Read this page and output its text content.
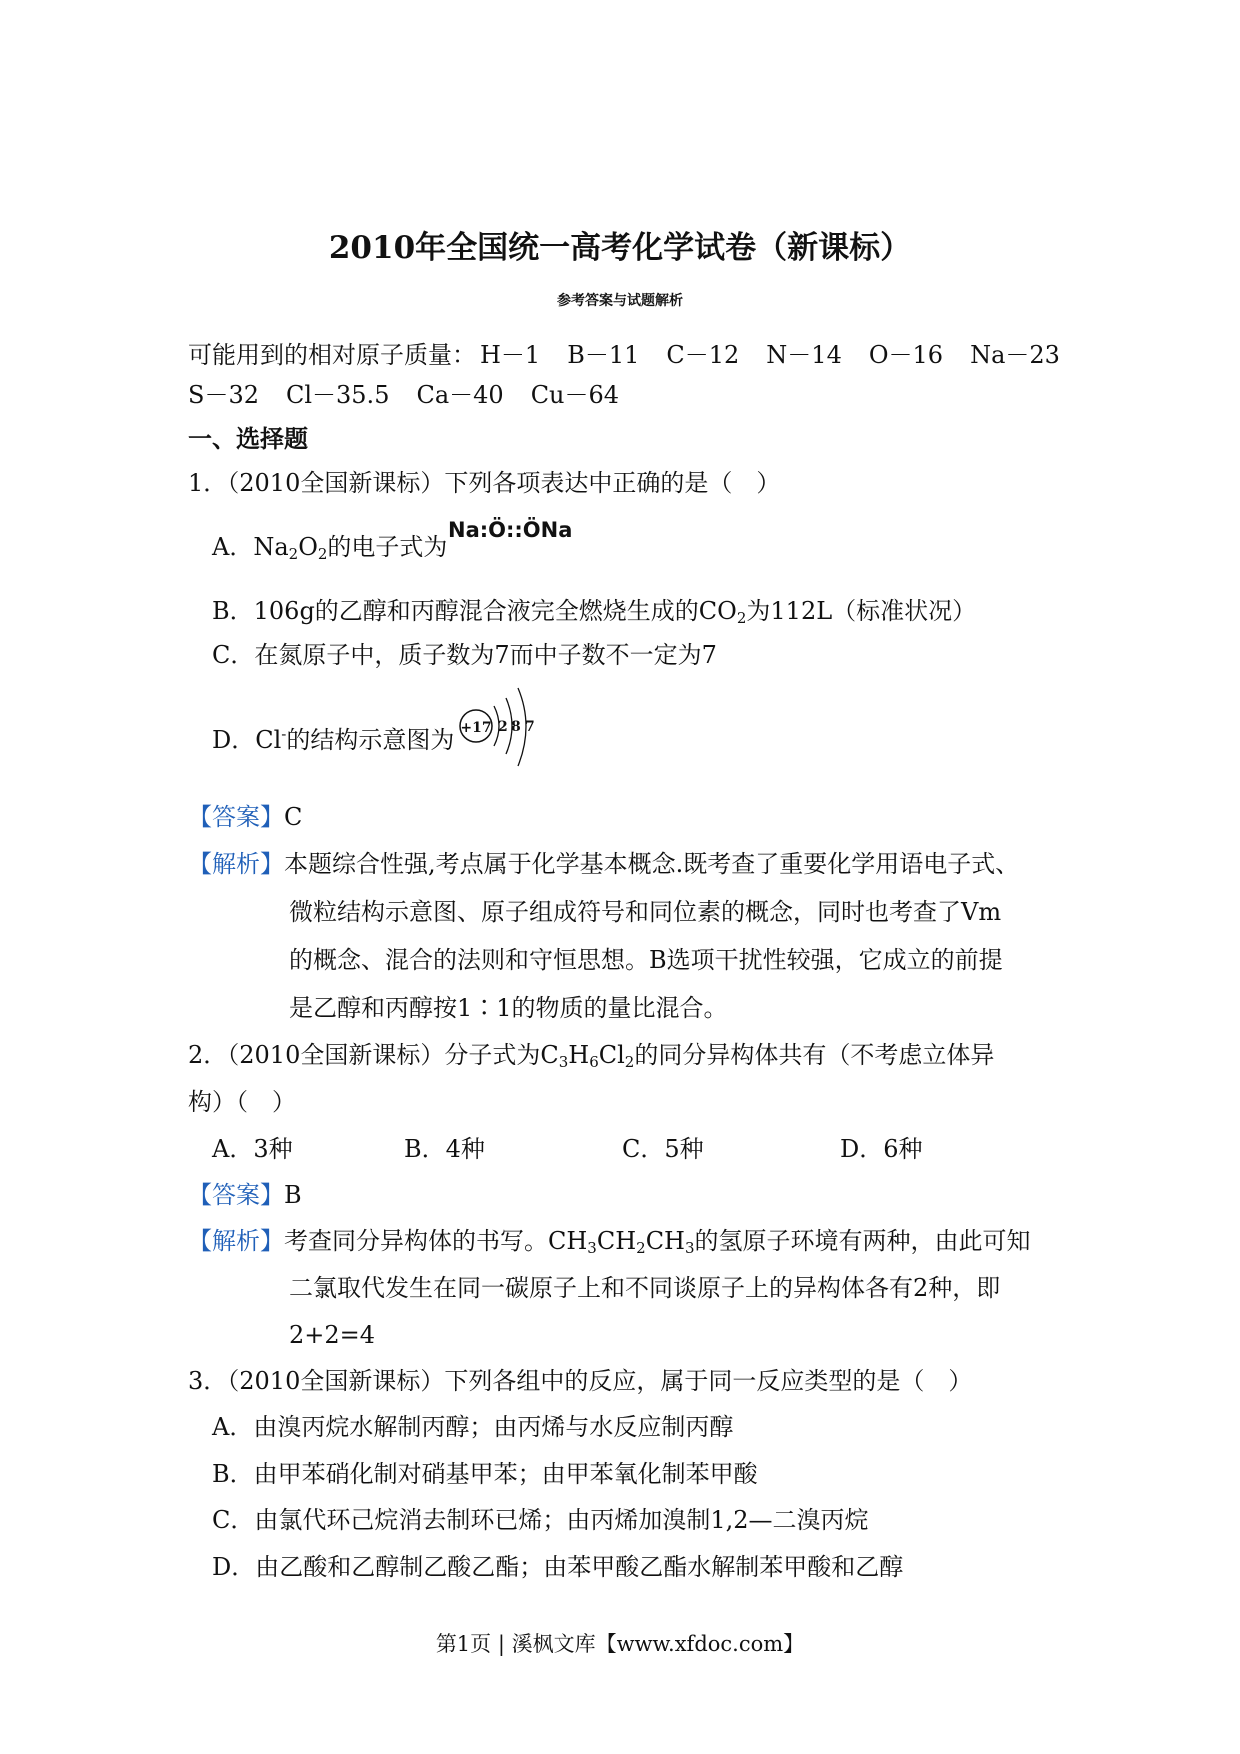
2010年全国统一高考化学试卷（新课标）
参考答案与试题解析
可能用到的相对原子质量： H－1 B－11 C－12 N－14 O－16 Na－23
S－32 Cl－35.5 Ca－40 Cu－64
一、选择题
1．（2010全国新课标）下列各项表达中正确的是（　）
A．$Na_2O_2$的电子式为
Na:Ö::ÖNa
B．106g的乙醇和丙醇混合液完全燃烧生成的$CO_2$为112L（标准状况）
C．在氮原子中，质子数为7而中子数不一定为7
D．Cl-的结构示意图为 +17 2 8 7
【答案】C
【解析】本题综合性强,考点属于化学基本概念.既考查了重要化学用语电子式、
微粒结构示意图、原子组成符号和同位素的概念，同时也考查了Vm
的概念、混合的法则和守恒思想。B选项干扰性较强，它成立的前提
是乙醇和丙醇按1∶1的物质的量比混合。
2．（2010全国新课标）分子式为$C_3H_6Cl_2$的同分异构体共有（不考虑立体异
构）（　）
A．3种	B．4种	C．5种	D．6种
【答案】B
【解析】考查同分异构体的书写。$CH_3CH_2CH_3$的氢原子环境有两种，由此可知
二氯取代发生在同一碳原子上和不同谈原子上的异构体各有2种，即
2+2=4
3．（2010全国新课标）下列各组中的反应，属于同一反应类型的是（　）
A．由溴丙烷水解制丙醇；由丙烯与水反应制丙醇
B．由甲苯硝化制对硝基甲苯；由甲苯氧化制苯甲酸
C．由氯代环己烷消去制环已烯；由丙烯加溴制1,2—二溴丙烷
D．由乙酸和乙醇制乙酸乙酯；由苯甲酸乙酯水解制苯甲酸和乙醇
第1页 | 溪枫文库【www.xfdoc.com】
